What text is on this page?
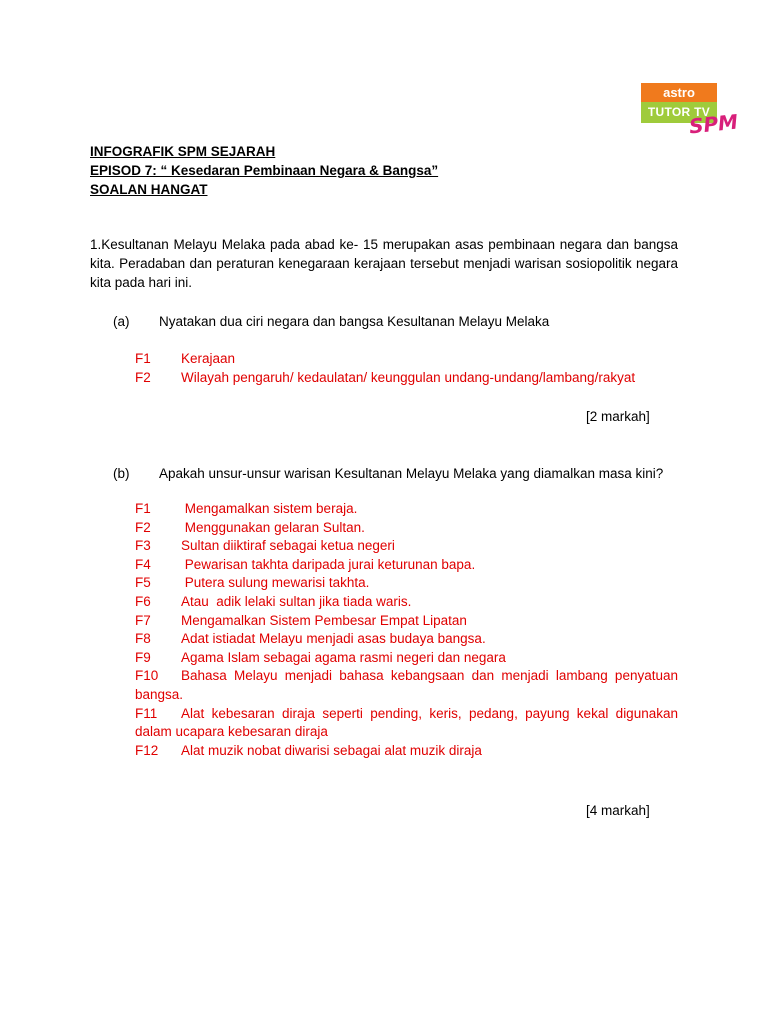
astro
TUTOR TV
SPM
INFOGRAFIK SPM SEJARAH
EPISOD 7: “ Kesedaran Pembinaan Negara & Bangsa”
SOALAN HANGAT
1.Kesultanan Melayu Melaka pada abad ke- 15 merupakan asas pembinaan negara dan bangsa kita. Peradaban dan peraturan kenegaraan kerajaan tersebut menjadi warisan sosiopolitik negara kita pada hari ini.
(a) Nyatakan dua ciri negara dan bangsa Kesultanan Melayu Melaka
F1	Kerajaan
F2	Wilayah pengaruh/ kedaulatan/ keunggulan undang-undang/lambang/rakyat
[2 markah]
(b) Apakah unsur-unsur warisan Kesultanan Melayu Melaka yang diamalkan masa kini?
F1	Mengamalkan sistem beraja.
F2	Menggunakan gelaran Sultan.
F3	Sultan diiktiraf sebagai ketua negeri
F4	Pewarisan takhta daripada jurai keturunan bapa.
F5	Putera sulung mewarisi takhta.
F6	Atau  adik lelaki sultan jika tiada waris.
F7	Mengamalkan Sistem Pembesar Empat Lipatan
F8	Adat istiadat Melayu menjadi asas budaya bangsa.
F9	Agama Islam sebagai agama rasmi negeri dan negara
F10 Bahasa Melayu menjadi bahasa kebangsaan dan menjadi lambang penyatuan bangsa.
F11 Alat kebesaran diraja seperti pending, keris, pedang, payung kekal digunakan dalam ucapara kebesaran diraja
F12	Alat muzik nobat diwarisi sebagai alat muzik diraja
[4 markah]
